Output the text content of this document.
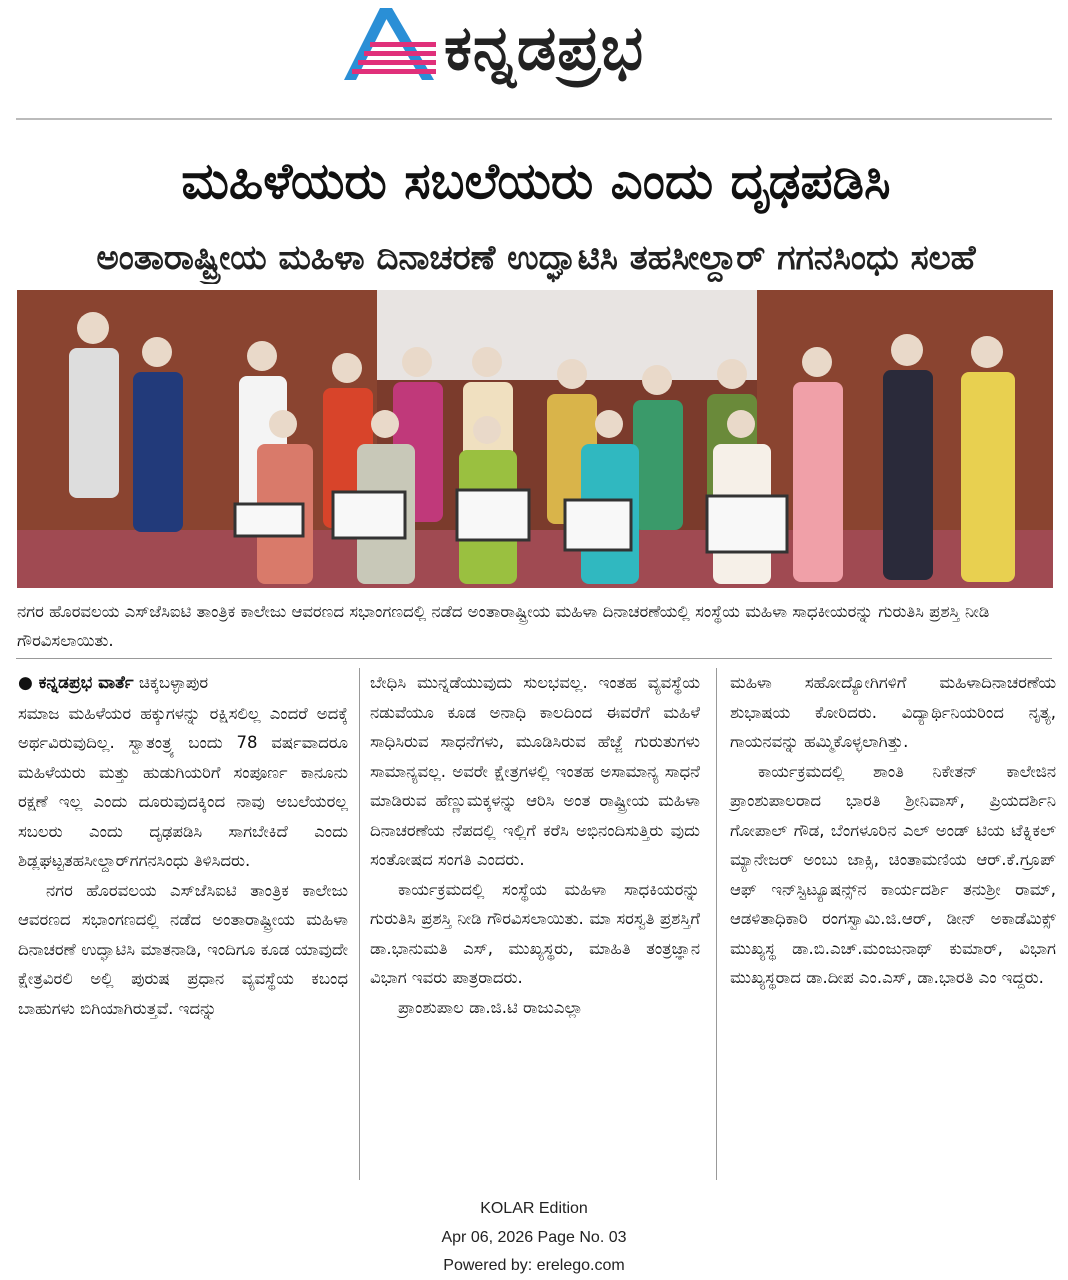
ಕನ್ನಡಪ್ರಭ
ಮಹಿಳೆಯರು ಸಬಲೆಯರು ಎಂದು ದೃಢಪಡಿಸಿ
ಅಂತಾರಾಷ್ಟ್ರೀಯ ಮಹಿಳಾ ದಿನಾಚರಣೆ ಉದ್ಘಾಟಿಸಿ ತಹಸೀಲ್ದಾರ್ ಗಗನಸಿಂಧು ಸಲಹೆ
ನಗರ ಹೊರವಲಯ ಎಸ್‌ಜೆಸಿಐಟಿ ತಾಂತ್ರಿಕ ಕಾಲೇಜು ಆವರಣದ ಸಭಾಂಗಣದಲ್ಲಿ ನಡೆದ ಅಂತಾರಾಷ್ಟ್ರೀಯ ಮಹಿಳಾ ದಿನಾಚರಣೆಯಲ್ಲಿ ಸಂಸ್ಥೆಯ ಮಹಿಳಾ ಸಾಧಕೀಯರನ್ನು ಗುರುತಿಸಿ ಪ್ರಶಸ್ತಿ ನೀಡಿ ಗೌರವಿಸಲಾಯಿತು.

● ಕನ್ನಡಪ್ರಭ ವಾರ್ತೆ ಚಿಕ್ಕಬಳ್ಳಾಪುರ

ಸಮಾಜ ಮಹಿಳೆಯರ ಹಕ್ಕುಗಳನ್ನು ರಕ್ಷಿಸಲಿಲ್ಲ ಎಂದರೆ ಅದಕ್ಕೆ ಅರ್ಥವಿರುವುದಿಲ್ಲ. ಸ್ವಾತಂತ್ರ್ಯ ಬಂದು 78 ವರ್ಷವಾದರೂ ಮಹಿಳೆಯರು ಮತ್ತು ಹುಡುಗಿಯರಿಗೆ ಸಂಪೂರ್ಣ ಕಾನೂನು ರಕ್ಷಣೆ ಇಲ್ಲ ಎಂದು ದೂರುವುದಕ್ಕಿಂದ ನಾವು ಅಬಲೆಯರಲ್ಲ ಸಬಲರು ಎಂದು ದೃಢಪಡಿಸಿ ಸಾಗಬೇಕಿದೆ ಎಂದು ಶಿಡ್ಲಘಟ್ಟತಹಸೀಲ್ದಾರ್‌ಗಗನಸಿಂಧು ತಿಳಿಸಿದರು.

ನಗರ ಹೊರವಲಯ ಎಸ್‌ಜೆಸಿಐಟಿ ತಾಂತ್ರಿಕ ಕಾಲೇಜು ಆವರಣದ ಸಭಾಂಗಣದಲ್ಲಿ ನಡೆದ ಅಂತಾರಾಷ್ಟ್ರೀಯ ಮಹಿಳಾ ದಿನಾಚರಣೆ ಉದ್ಘಾಟಿಸಿ ಮಾತನಾಡಿ, ಇಂದಿಗೂ ಕೂಡ ಯಾವುದೇ ಕ್ಷೇತ್ರವಿರಲಿ ಅಲ್ಲಿ ಪುರುಷ ಪ್ರಧಾನ ವ್ಯವಸ್ಥೆಯ ಕಬಂಧ ಬಾಹುಗಳು ಬಿಗಿಯಾಗಿರುತ್ತವೆ. ಇದನ್ನು

ಬೇಧಿಸಿ ಮುನ್ನಡೆಯುವುದು ಸುಲಭವಲ್ಲ. ಇಂತಹ ವ್ಯವಸ್ಥೆಯ ನಡುವೆಯೂ ಕೂಡ ಅನಾಧಿ ಕಾಲದಿಂದ ಈವರೆಗೆ ಮಹಿಳೆ ಸಾಧಿಸಿರುವ ಸಾಧನೆಗಳು, ಮೂಡಿಸಿರುವ ಹೆಜ್ಜೆ ಗುರುತುಗಳು ಸಾಮಾನ್ಯವಲ್ಲ. ಅವರೇ ಕ್ಷೇತ್ರಗಳಲ್ಲಿ ಇಂತಹ ಅಸಾಮಾನ್ಯ ಸಾಧನೆ ಮಾಡಿರುವ ಹೆಣ್ಣುಮಕ್ಕಳನ್ನು ಆರಿಸಿ ಅಂತ ರಾಷ್ಟ್ರೀಯ ಮಹಿಳಾ ದಿನಾಚರಣೆಯ ನೆಪದಲ್ಲಿ ಇಲ್ಲಿಗೆ ಕರೆಸಿ ಅಭಿನಂದಿಸುತ್ತಿರು ವುದು ಸಂತೋಷದ ಸಂಗತಿ ಎಂದರು.

ಕಾರ್ಯಕ್ರಮದಲ್ಲಿ ಸಂಸ್ಥೆಯ ಮಹಿಳಾ ಸಾಧಕಿಯರನ್ನು ಗುರುತಿಸಿ ಪ್ರಶಸ್ತಿ ನೀಡಿ ಗೌರವಿಸಲಾಯಿತು. ಮಾ ಸರಸ್ವತಿ ಪ್ರಶಸ್ತಿಗೆ ಡಾ.ಭಾನುಮತಿ ಎಸ್, ಮುಖ್ಯಸ್ಥರು, ಮಾಹಿತಿ ತಂತ್ರಜ್ಞಾನ ವಿಭಾಗ ಇವರು ಪಾತ್ರರಾದರು.

ಪ್ರಾಂಶುಪಾಲ ಡಾ.ಜಿ.ಟಿ ರಾಜುಎಲ್ಲಾ

ಮಹಿಳಾ ಸಹೋದ್ಯೋಗಿಗಳಿಗೆ ಮಹಿಳಾದಿನಾಚರಣೆಯ ಶುಭಾಷಯ ಕೋರಿದರು. ವಿದ್ಯಾರ್ಥಿನಿಯರಿಂದ ನೃತ್ಯ, ಗಾಯನವನ್ನು ಹಮ್ಮಿಕೊಳ್ಳಲಾಗಿತ್ತು.

ಕಾರ್ಯಕ್ರಮದಲ್ಲಿ ಶಾಂತಿ ನಿಕೇತನ್ ಕಾಲೇಜಿನ ಪ್ರಾಂಶುಪಾಲರಾದ ಭಾರತಿ ಶ್ರೀನಿವಾಸ್, ಪ್ರಿಯದರ್ಶಿನಿ ಗೋಪಾಲ್ ಗೌಡ, ಬೆಂಗಳೂರಿನ ಎಲ್ ಅಂಡ್ ಟಿಯ ಟೆಕ್ನಿಕಲ್ ಮ್ಯಾನೇಜರ್ ಅಂಬು ಜಾಕ್ಸಿ, ಚಿಂತಾಮಣಿಯ ಆರ್.ಕೆ.ಗ್ರೂಪ್ ಆಫ್ ಇನ್‌ಸ್ಟಿಟ್ಯೂಷನ್ಸ್‌ನ ಕಾರ್ಯದರ್ಶಿ ತನುಶ್ರೀ ರಾಮ್, ಆಡಳಿತಾಧಿಕಾರಿ ರಂಗಸ್ವಾಮಿ.ಜಿ.ಆರ್, ಡೀನ್ ಅಕಾಡೆಮಿಕ್ಸ್ ಮುಖ್ಯಸ್ಥ ಡಾ.ಬಿ.ಎಚ್.ಮಂಜುನಾಥ್ ಕುಮಾರ್, ವಿಭಾಗ ಮುಖ್ಯಸ್ಥರಾದ ಡಾ.ದೀಪ ಎಂ.ಎಸ್, ಡಾ.ಭಾರತಿ ಎಂ ಇದ್ದರು.

KOLAR Edition
Apr 06, 2026 Page No. 03
Powered by: erelego.com
